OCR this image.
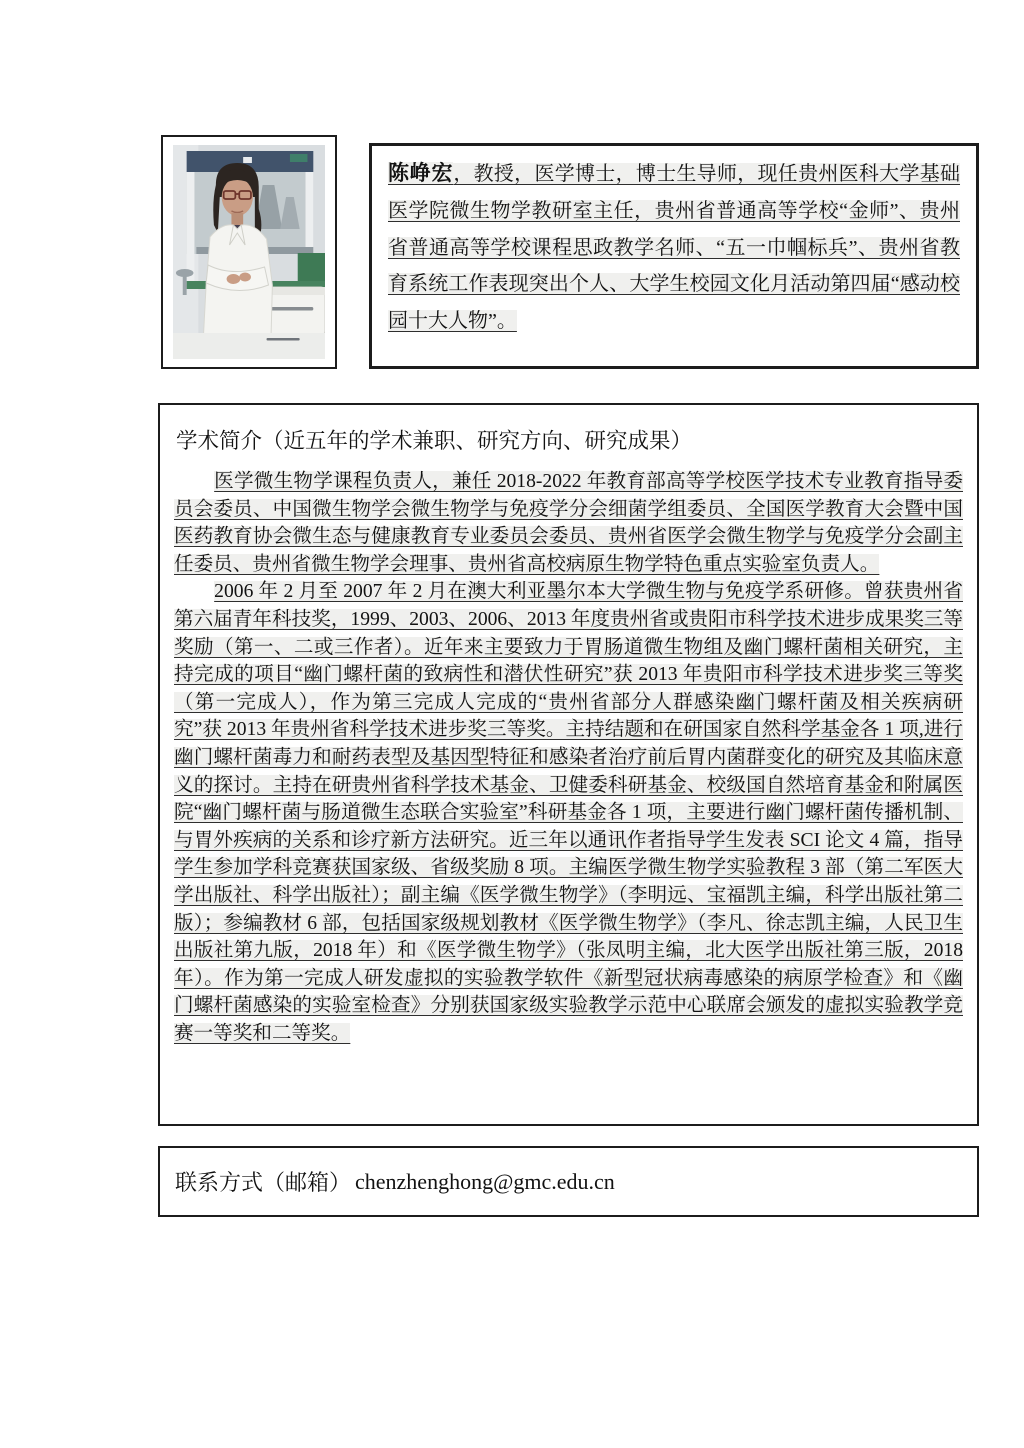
陈峥宏，教授，医学博士，博士生导师，现任贵州医科大学基础医学院微生物学教研室主任，贵州省普通高等学校“金师”、贵州省普通高等学校课程思政教学名师、“五一巾帼标兵”、贵州省教育系统工作表现突出个人、大学生校园文化月活动第四届“感动校园十大人物”。

学术简介（近五年的学术兼职、研究方向、研究成果）

医学微生物学课程负责人，兼任 2018-2022 年教育部高等学校医学技术专业教育指导委员会委员、中国微生物学会微生物学与免疫学分会细菌学组委员、全国医学教育大会暨中国医药教育协会微生态与健康教育专业委员会委员、贵州省医学会微生物学与免疫学分会副主任委员、贵州省微生物学会理事、贵州省高校病原生物学特色重点实验室负责人。

2006 年 2 月至 2007 年 2 月在澳大利亚墨尔本大学微生物与免疫学系研修。曾获贵州省第六届青年科技奖，1999、2003、2006、2013 年度贵州省或贵阳市科学技术进步成果奖三等奖励（第一、二或三作者）。近年来主要致力于胃肠道微生物组及幽门螺杆菌相关研究，主持完成的项目“幽门螺杆菌的致病性和潜伏性研究”获 2013 年贵阳市科学技术进步奖三等奖（第一完成人），作为第三完成人完成的“贵州省部分人群感染幽门螺杆菌及相关疾病研究”获 2013 年贵州省科学技术进步奖三等奖。主持结题和在研国家自然科学基金各 1 项,进行幽门螺杆菌毒力和耐药表型及基因型特征和感染者治疗前后胃内菌群变化的研究及其临床意义的探讨。主持在研贵州省科学技术基金、卫健委科研基金、校级国自然培育基金和附属医院“幽门螺杆菌与肠道微生态联合实验室”科研基金各 1 项，主要进行幽门螺杆菌传播机制、与胃外疾病的关系和诊疗新方法研究。近三年以通讯作者指导学生发表 SCI 论文 4 篇，指导学生参加学科竞赛获国家级、省级奖励 8 项。主编医学微生物学实验教程 3 部（第二军医大学出版社、科学出版社）；副主编《医学微生物学》（李明远、宝福凯主编，科学出版社第二版）；参编教材 6 部，包括国家级规划教材《医学微生物学》（李凡、徐志凯主编，人民卫生出版社第九版，2018 年）和《医学微生物学》（张凤明主编，北大医学出版社第三版，2018 年）。作为第一完成人研发虚拟的实验教学软件《新型冠状病毒感染的病原学检查》和《幽门螺杆菌感染的实验室检查》分别获国家级实验教学示范中心联席会颁发的虚拟实验教学竞赛一等奖和二等奖。

联系方式（邮箱） chenzhenghong@gmc.edu.cn
